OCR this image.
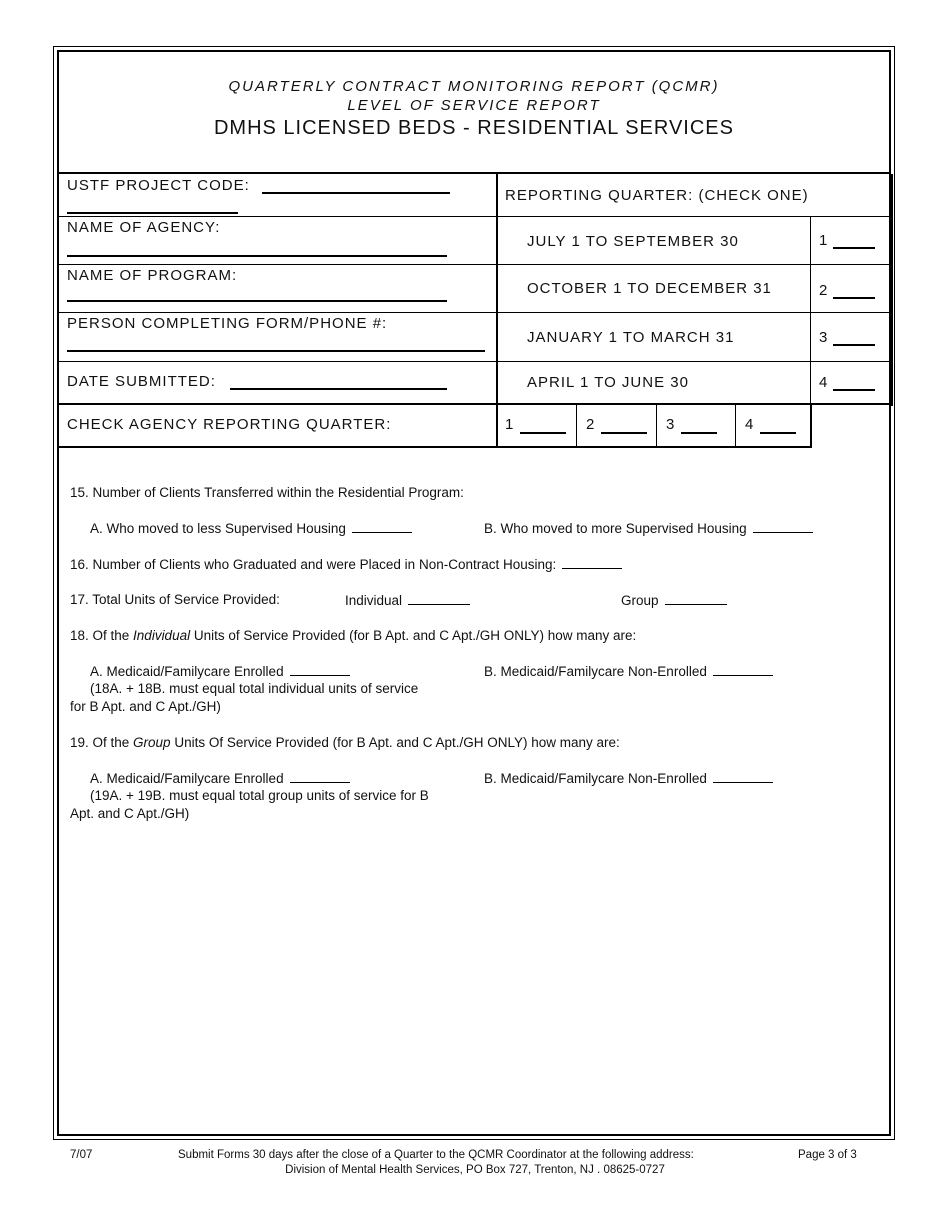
QUARTERLY CONTRACT MONITORING REPORT (QCMR)
LEVEL OF SERVICE REPORT
DMHS LICENSED BEDS - RESIDENTIAL SERVICES
USTF PROJECT CODE:
NAME OF AGENCY:
NAME OF PROGRAM:
PERSON COMPLETING FORM/PHONE #:
DATE SUBMITTED:
CHECK AGENCY REPORTING QUARTER:
REPORTING QUARTER: (CHECK ONE)
JULY 1 TO SEPTEMBER 30	1
OCTOBER 1 TO DECEMBER 31	2
JANUARY 1 TO MARCH 31	3
APRIL 1 TO JUNE 30	4
1	2	3	4
15. Number of Clients Transferred within the Residential Program:
A. Who moved to less Supervised Housing	B. Who moved to more Supervised Housing
16. Number of Clients who Graduated and were Placed in Non-Contract Housing:
17. Total Units of Service Provided:	Individual	Group
18. Of the Individual Units of Service Provided (for B Apt. and C Apt./GH ONLY) how many are:
A. Medicaid/Familycare Enrolled	B. Medicaid/Familycare Non-Enrolled
(18A. + 18B. must equal total individual units of service
for B Apt. and C Apt./GH)
19. Of the Group Units Of Service Provided (for B Apt. and C Apt./GH ONLY) how many are:
A. Medicaid/Familycare Enrolled	B. Medicaid/Familycare Non-Enrolled
(19A. + 19B. must equal total group units of service for B
Apt. and C Apt./GH)
7/07	Submit Forms 30 days after the close of a Quarter to the QCMR Coordinator at the following address:	Page 3 of 3
Division of Mental Health Services, PO Box 727, Trenton, NJ . 08625-0727
